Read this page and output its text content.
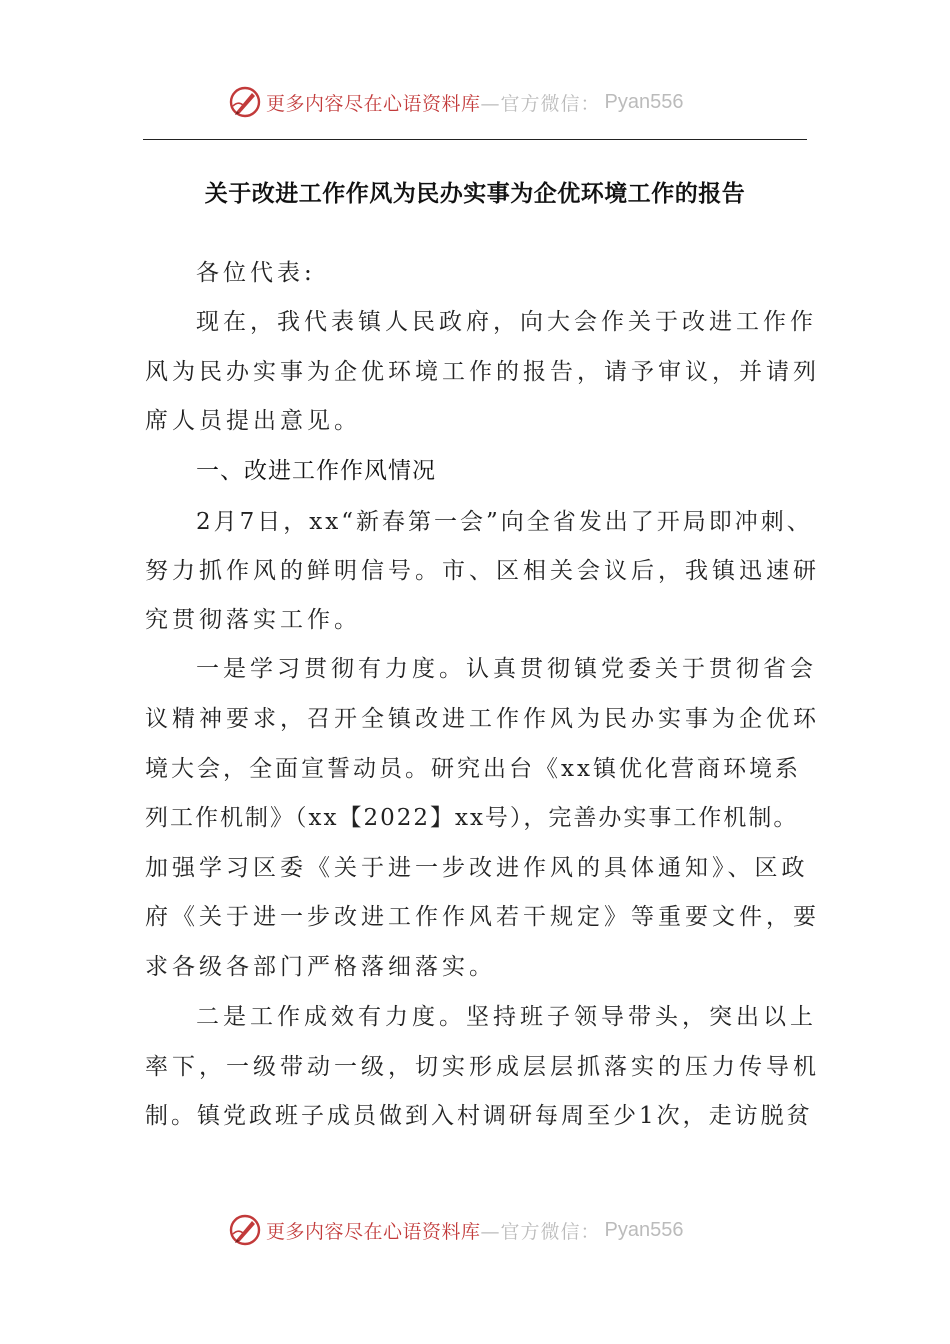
更多内容尽在心语资料库 —官方微信： Pyan556
关于改进工作作风为民办实事为企优环境工作的报告
各位代表:
现在，我代表镇人民政府，向大会作关于改进工作作
风为民办实事为企优环境工作的报告，请予审议，并请列
席人员提出意见。
一、改进工作作风情况
2月7日，xx“新春第一会”向全省发出了开局即冲刺、
努力抓作风的鲜明信号。市、区相关会议后，我镇迅速研
究贯彻落实工作。
一是学习贯彻有力度。认真贯彻镇党委关于贯彻省会
议精神要求，召开全镇改进工作作风为民办实事为企优环
境大会，全面宣誓动员。研究出台《xx镇优化营商环境系
列工作机制》（xx【2022】xx号），完善办实事工作机制。
加强学习区委《关于进一步改进作风的具体通知》、区政
府《关于进一步改进工作作风若干规定》等重要文件，要
求各级各部门严格落细落实。
二是工作成效有力度。坚持班子领导带头，突出以上
率下，一级带动一级，切实形成层层抓落实的压力传导机
制。镇党政班子成员做到入村调研每周至少1次，走访脱贫
更多内容尽在心语资料库 —官方微信： Pyan556
